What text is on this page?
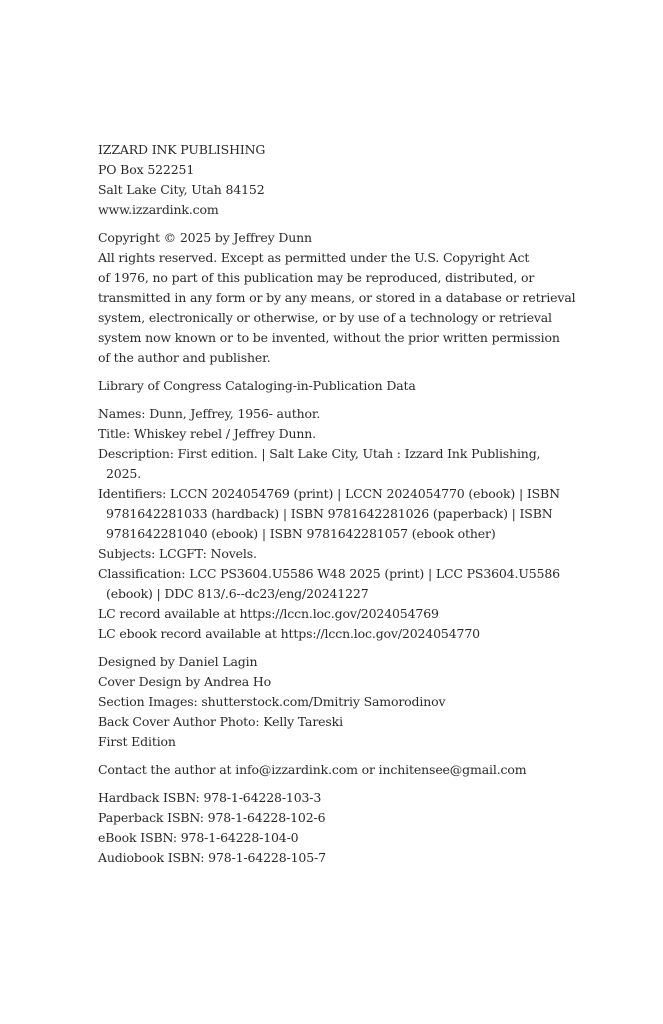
IZZARD INK PUBLISHING
PO Box 522251
Salt Lake City, Utah 84152
www.izzardink.com
Copyright © 2025 by Jeffrey Dunn
All rights reserved. Except as permitted under the U.S. Copyright Act
of 1976, no part of this publication may be reproduced, distributed, or
transmitted in any form or by any means, or stored in a database or retrieval
system, electronically or otherwise, or by use of a technology or retrieval
system now known or to be invented, without the prior written permission
of the author and publisher.
Library of Congress Cataloging-in-Publication Data
Names: Dunn, Jeffrey, 1956- author.
Title: Whiskey rebel / Jeffrey Dunn.
Description: First edition. | Salt Lake City, Utah : Izzard Ink Publishing,
2025.
Identifiers: LCCN 2024054769 (print) | LCCN 2024054770 (ebook) | ISBN
9781642281033 (hardback) | ISBN 9781642281026 (paperback) | ISBN
9781642281040 (ebook) | ISBN 9781642281057 (ebook other)
Subjects: LCGFT: Novels.
Classification: LCC PS3604.U5586 W48 2025 (print) | LCC PS3604.U5586
(ebook) | DDC 813/.6--dc23/eng/20241227
LC record available at https://lccn.loc.gov/2024054769
LC ebook record available at https://lccn.loc.gov/2024054770
Designed by Daniel Lagin
Cover Design by Andrea Ho
Section Images: shutterstock.com/Dmitriy Samorodinov
Back Cover Author Photo: Kelly Tareski
First Edition
Contact the author at info@izzardink.com or inchitensee@gmail.com
Hardback ISBN: 978-1-64228-103-3
Paperback ISBN: 978-1-64228-102-6
eBook ISBN: 978-1-64228-104-0
Audiobook ISBN: 978-1-64228-105-7
